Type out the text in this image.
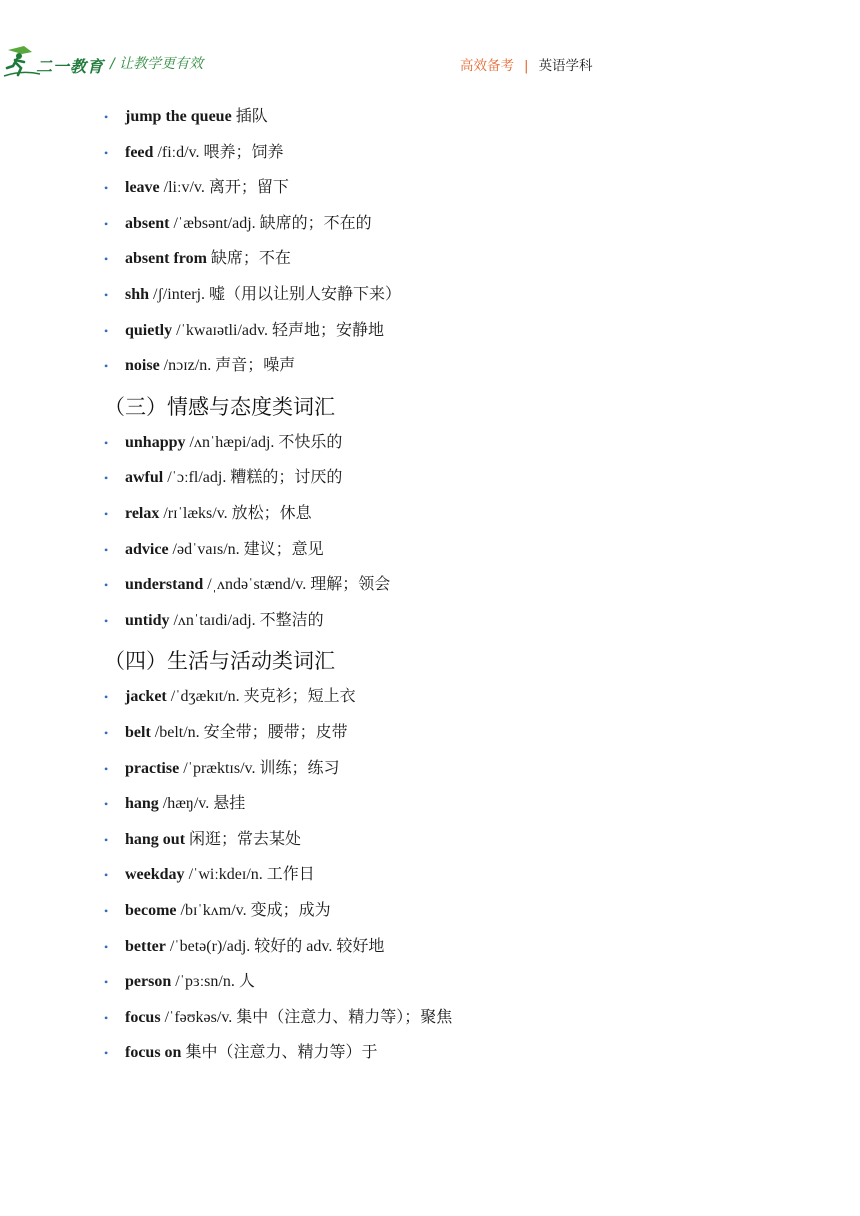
二一教育 / 让教学更有效	高效备考 | 英语学科
• jump the queue 插队
• feed /fiːd/v. 喂养；饲养
• leave /liːv/v. 离开；留下
• absent /ˈæbsənt/adj. 缺席的；不在的
• absent from 缺席；不在
• shh /ʃ/interj. 嘘（用以让别人安静下来）
• quietly /ˈkwaɪətli/adv. 轻声地；安静地
• noise /nɔɪz/n. 声音；噪声
（三）情感与态度类词汇
• unhappy /ʌnˈhæpi/adj. 不快乐的
• awful /ˈɔːfl/adj. 糟糕的；讨厌的
• relax /rɪˈlæks/v. 放松；休息
• advice /ədˈvaɪs/n. 建议；意见
• understand /ˌʌndəˈstænd/v. 理解；领会
• untidy /ʌnˈtaɪdi/adj. 不整洁的
（四）生活与活动类词汇
• jacket /ˈdʒækɪt/n. 夹克衫；短上衣
• belt /belt/n. 安全带；腰带；皮带
• practise /ˈpræktɪs/v. 训练；练习
• hang /hæŋ/v. 悬挂
• hang out 闲逛；常去某处
• weekday /ˈwiːkdeɪ/n. 工作日
• become /bɪˈkʌm/v. 变成；成为
• better /ˈbetə(r)/adj. 较好的 adv. 较好地
• person /ˈpɜːsn/n. 人
• focus /ˈfəʊkəs/v. 集中（注意力、精力等）；聚焦
• focus on 集中（注意力、精力等）于
